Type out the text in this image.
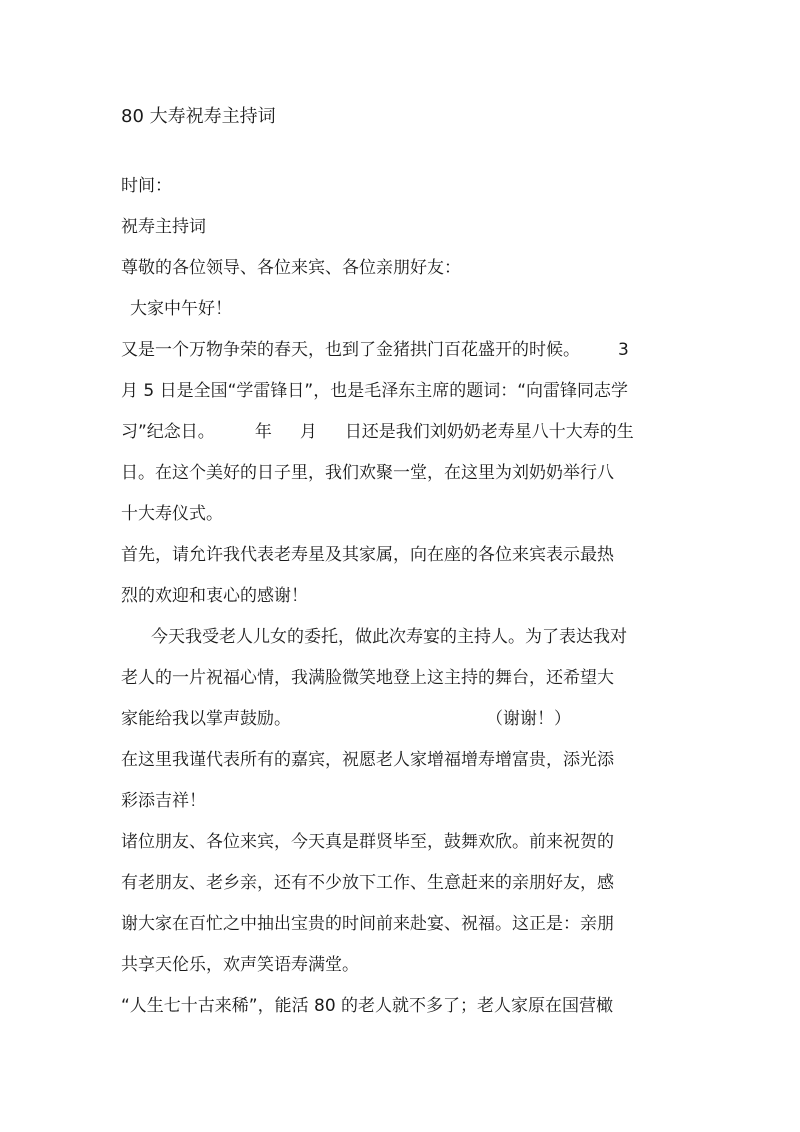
80 大寿祝寿主持词

时间：

祝寿主持词

尊敬的各位领导、各位来宾、各位亲朋好友：

大家中午好！

又是一个万物争荣的春天，也到了金猪拱门百花盛开的时候。 3

月 5 日是全国“学雷锋日”，也是毛泽东主席的题词：“向雷锋同志学

习”纪念日。 年 月 日还是我们刘奶奶老寿星八十大寿的生

日。在这个美好的日子里，我们欢聚一堂，在这里为刘奶奶举行八

十大寿仪式。

首先，请允许我代表老寿星及其家属，向在座的各位来宾表示最热

烈的欢迎和衷心的感谢！

今天我受老人儿女的委托，做此次寿宴的主持人。为了表达我对

老人的一片祝福心情，我满脸微笑地登上这主持的舞台，还希望大

家能给我以掌声鼓励。	（谢谢！）

在这里我谨代表所有的嘉宾，祝愿老人家增福增寿增富贵，添光添

彩添吉祥！

诸位朋友、各位来宾，今天真是群贤毕至，鼓舞欢欣。前来祝贺的

有老朋友、老乡亲，还有不少放下工作、生意赶来的亲朋好友，感

谢大家在百忙之中抽出宝贵的时间前来赴宴、祝福。这正是：亲朋

共享天伦乐，欢声笑语寿满堂。

“人生七十古来稀”，能活 80 的老人就不多了；老人家原在国营橄
